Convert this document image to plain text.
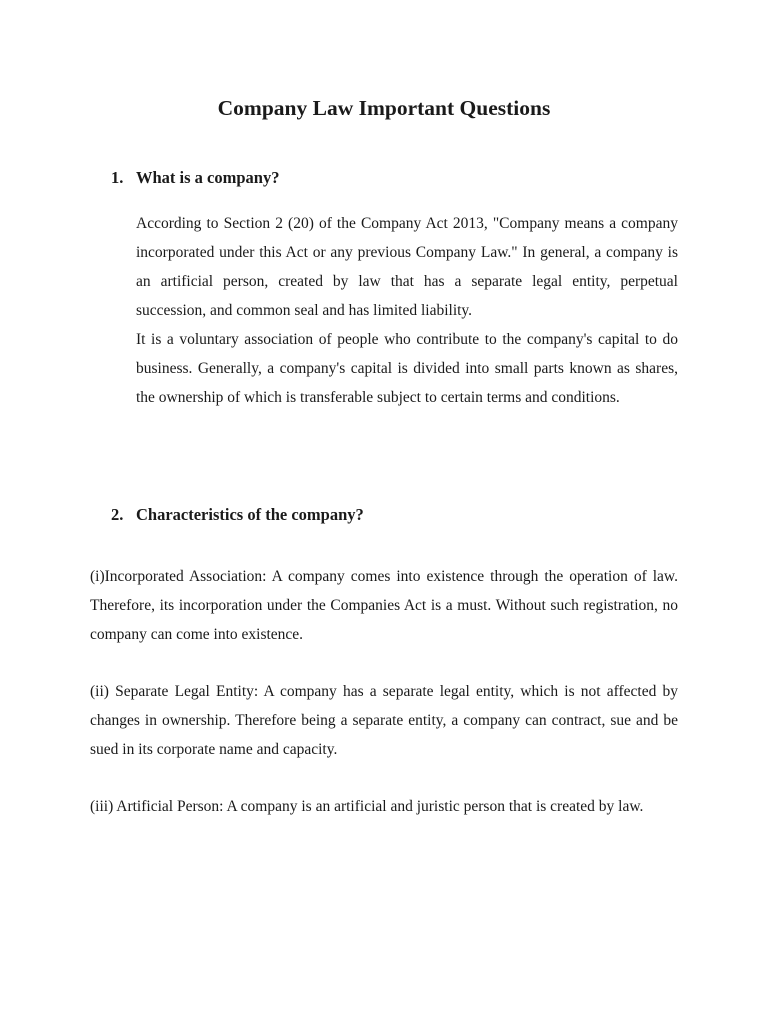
Company Law Important Questions
1. What is a company?

According to Section 2 (20) of the Company Act 2013, "Company means a company incorporated under this Act or any previous Company Law." In general, a company is an artificial person, created by law that has a separate legal entity, perpetual succession, and common seal and has limited liability.

It is a voluntary association of people who contribute to the company's capital to do business. Generally, a company's capital is divided into small parts known as shares, the ownership of which is transferable subject to certain terms and conditions.

2. Characteristics of the company?

(i)Incorporated Association: A company comes into existence through the operation of law. Therefore, its incorporation under the Companies Act is a must. Without such registration, no company can come into existence.

(ii) Separate Legal Entity: A company has a separate legal entity, which is not affected by changes in ownership. Therefore being a separate entity, a company can contract, sue and be sued in its corporate name and capacity.

(iii) Artificial Person: A company is an artificial and juristic person that is created by law.
